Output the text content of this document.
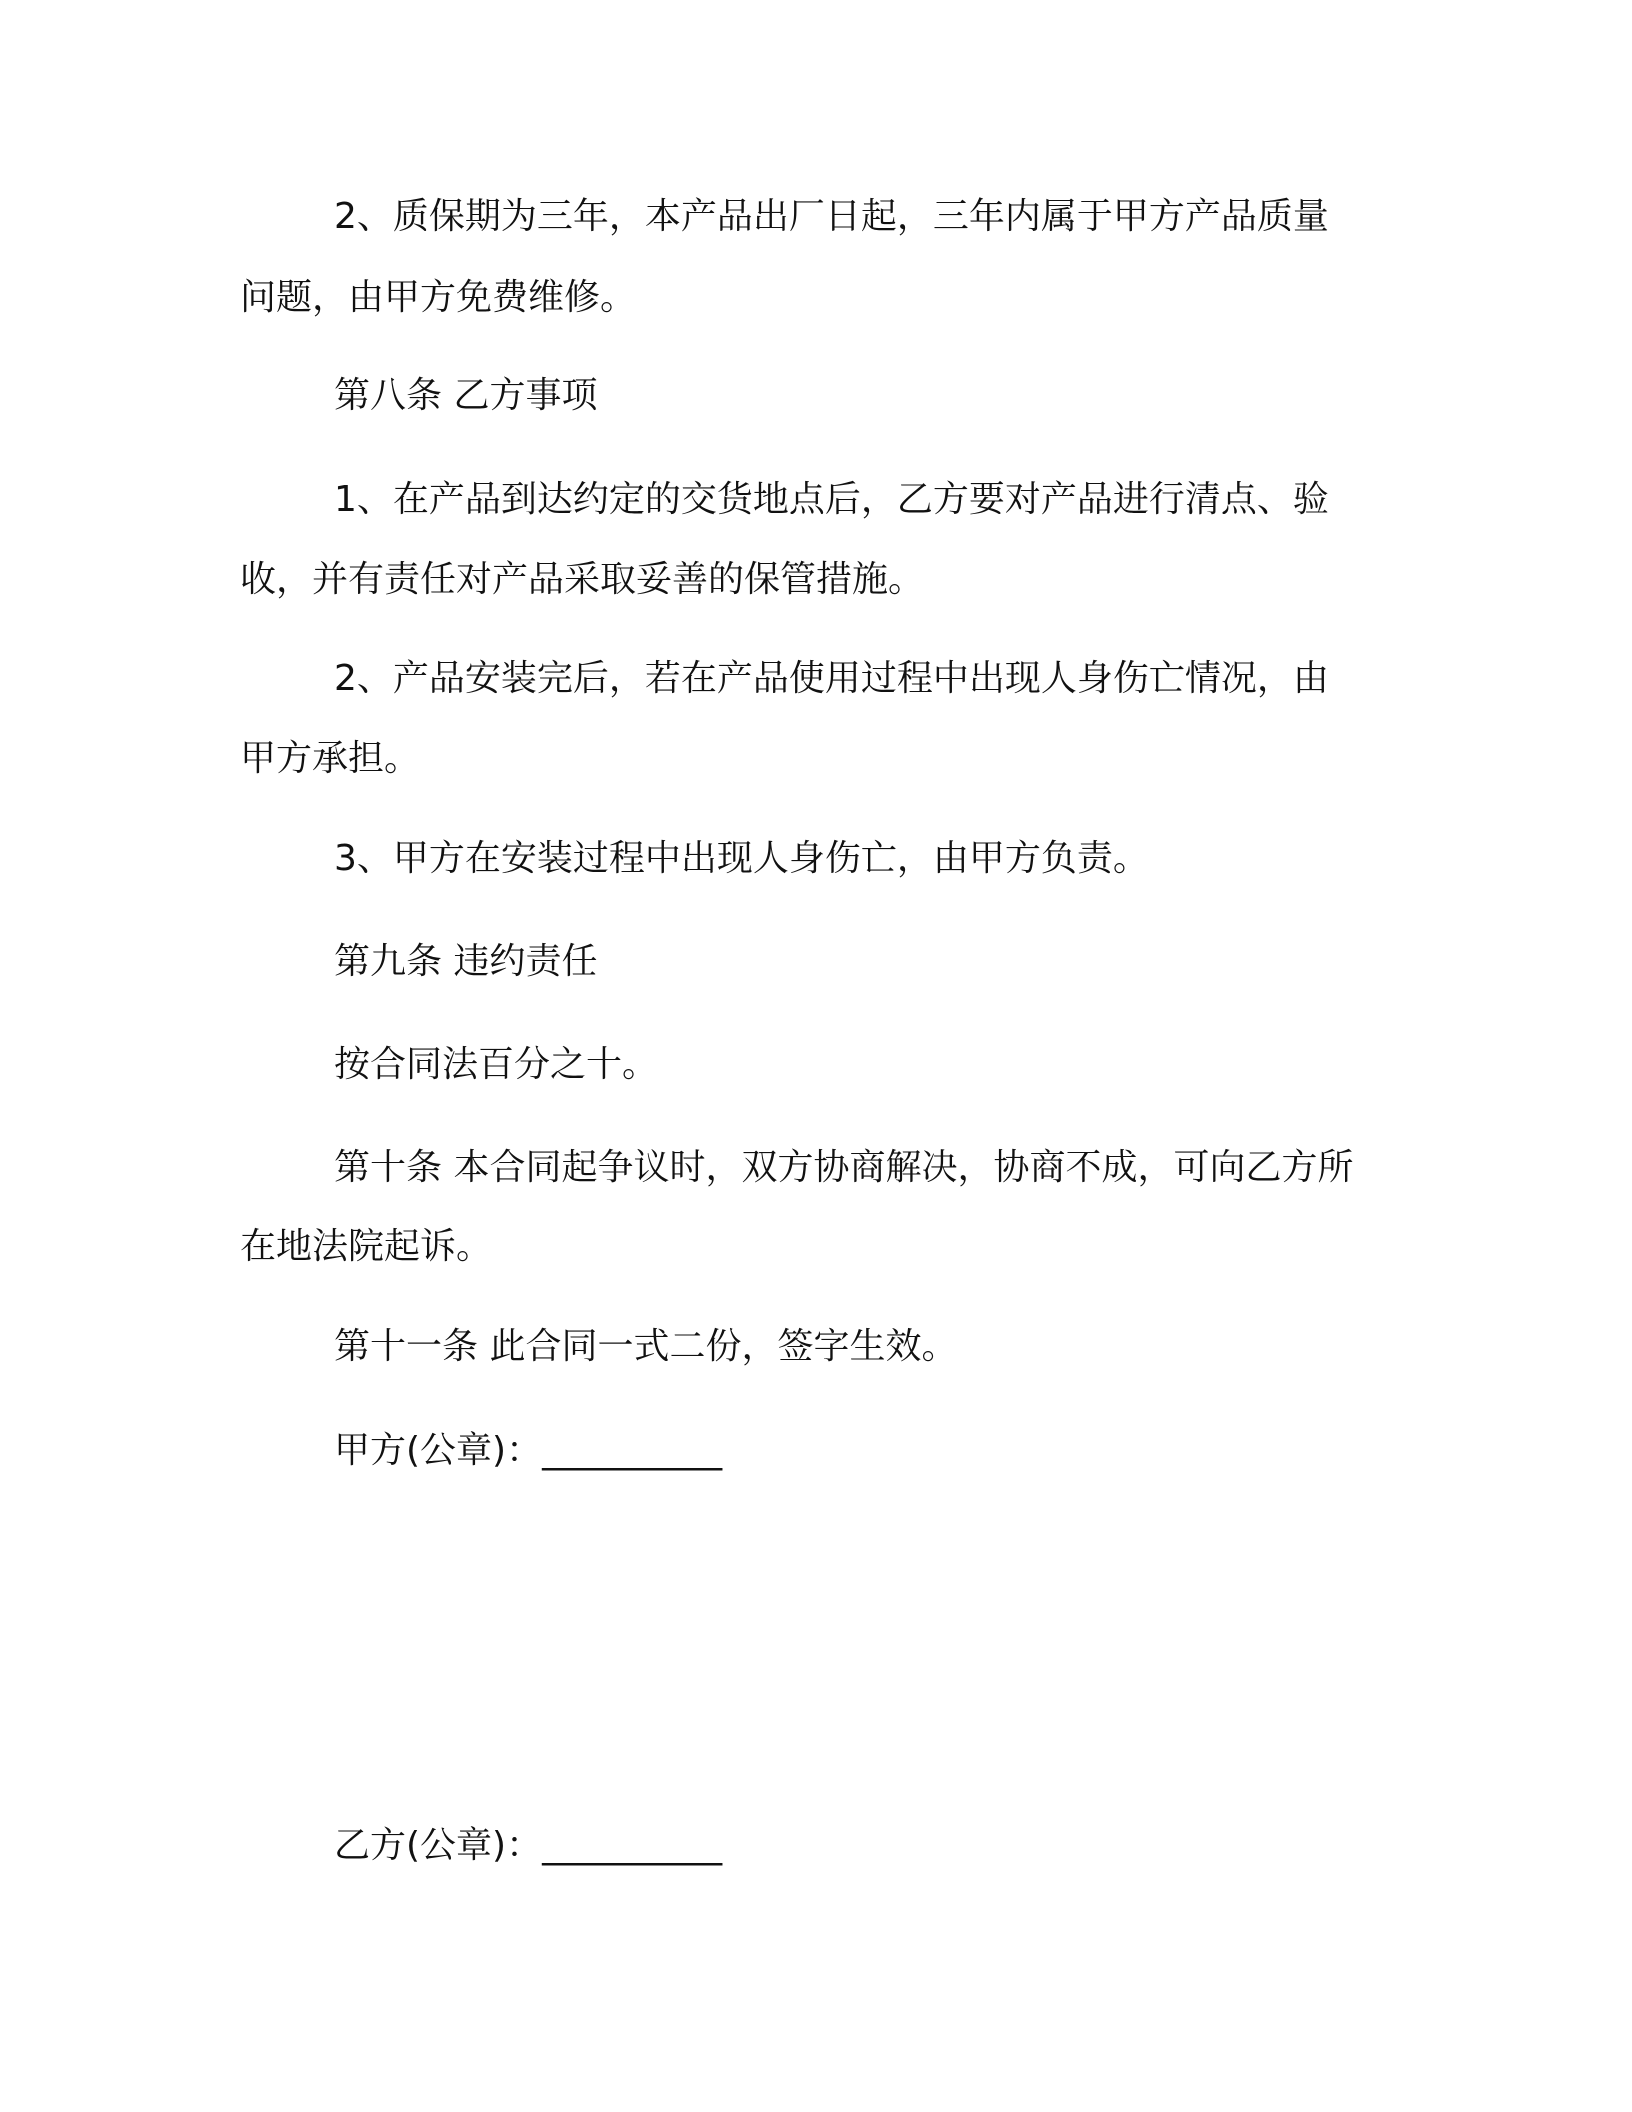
2、质保期为三年，本产品出厂日起，三年内属于甲方产品质量
问题，由甲方免费维修。
第八条 乙方事项
1、在产品到达约定的交货地点后，乙方要对产品进行清点、验
收，并有责任对产品采取妥善的保管措施。
2、产品安装完后，若在产品使用过程中出现人身伤亡情况，由
甲方承担。
3、甲方在安装过程中出现人身伤亡，由甲方负责。
第九条 违约责任
按合同法百分之十。
第十条 本合同起争议时，双方协商解决，协商不成，可向乙方所
在地法院起诉。
第十一条 此合同一式二份，签字生效。
甲方(公章)：__________
乙方(公章)：__________
